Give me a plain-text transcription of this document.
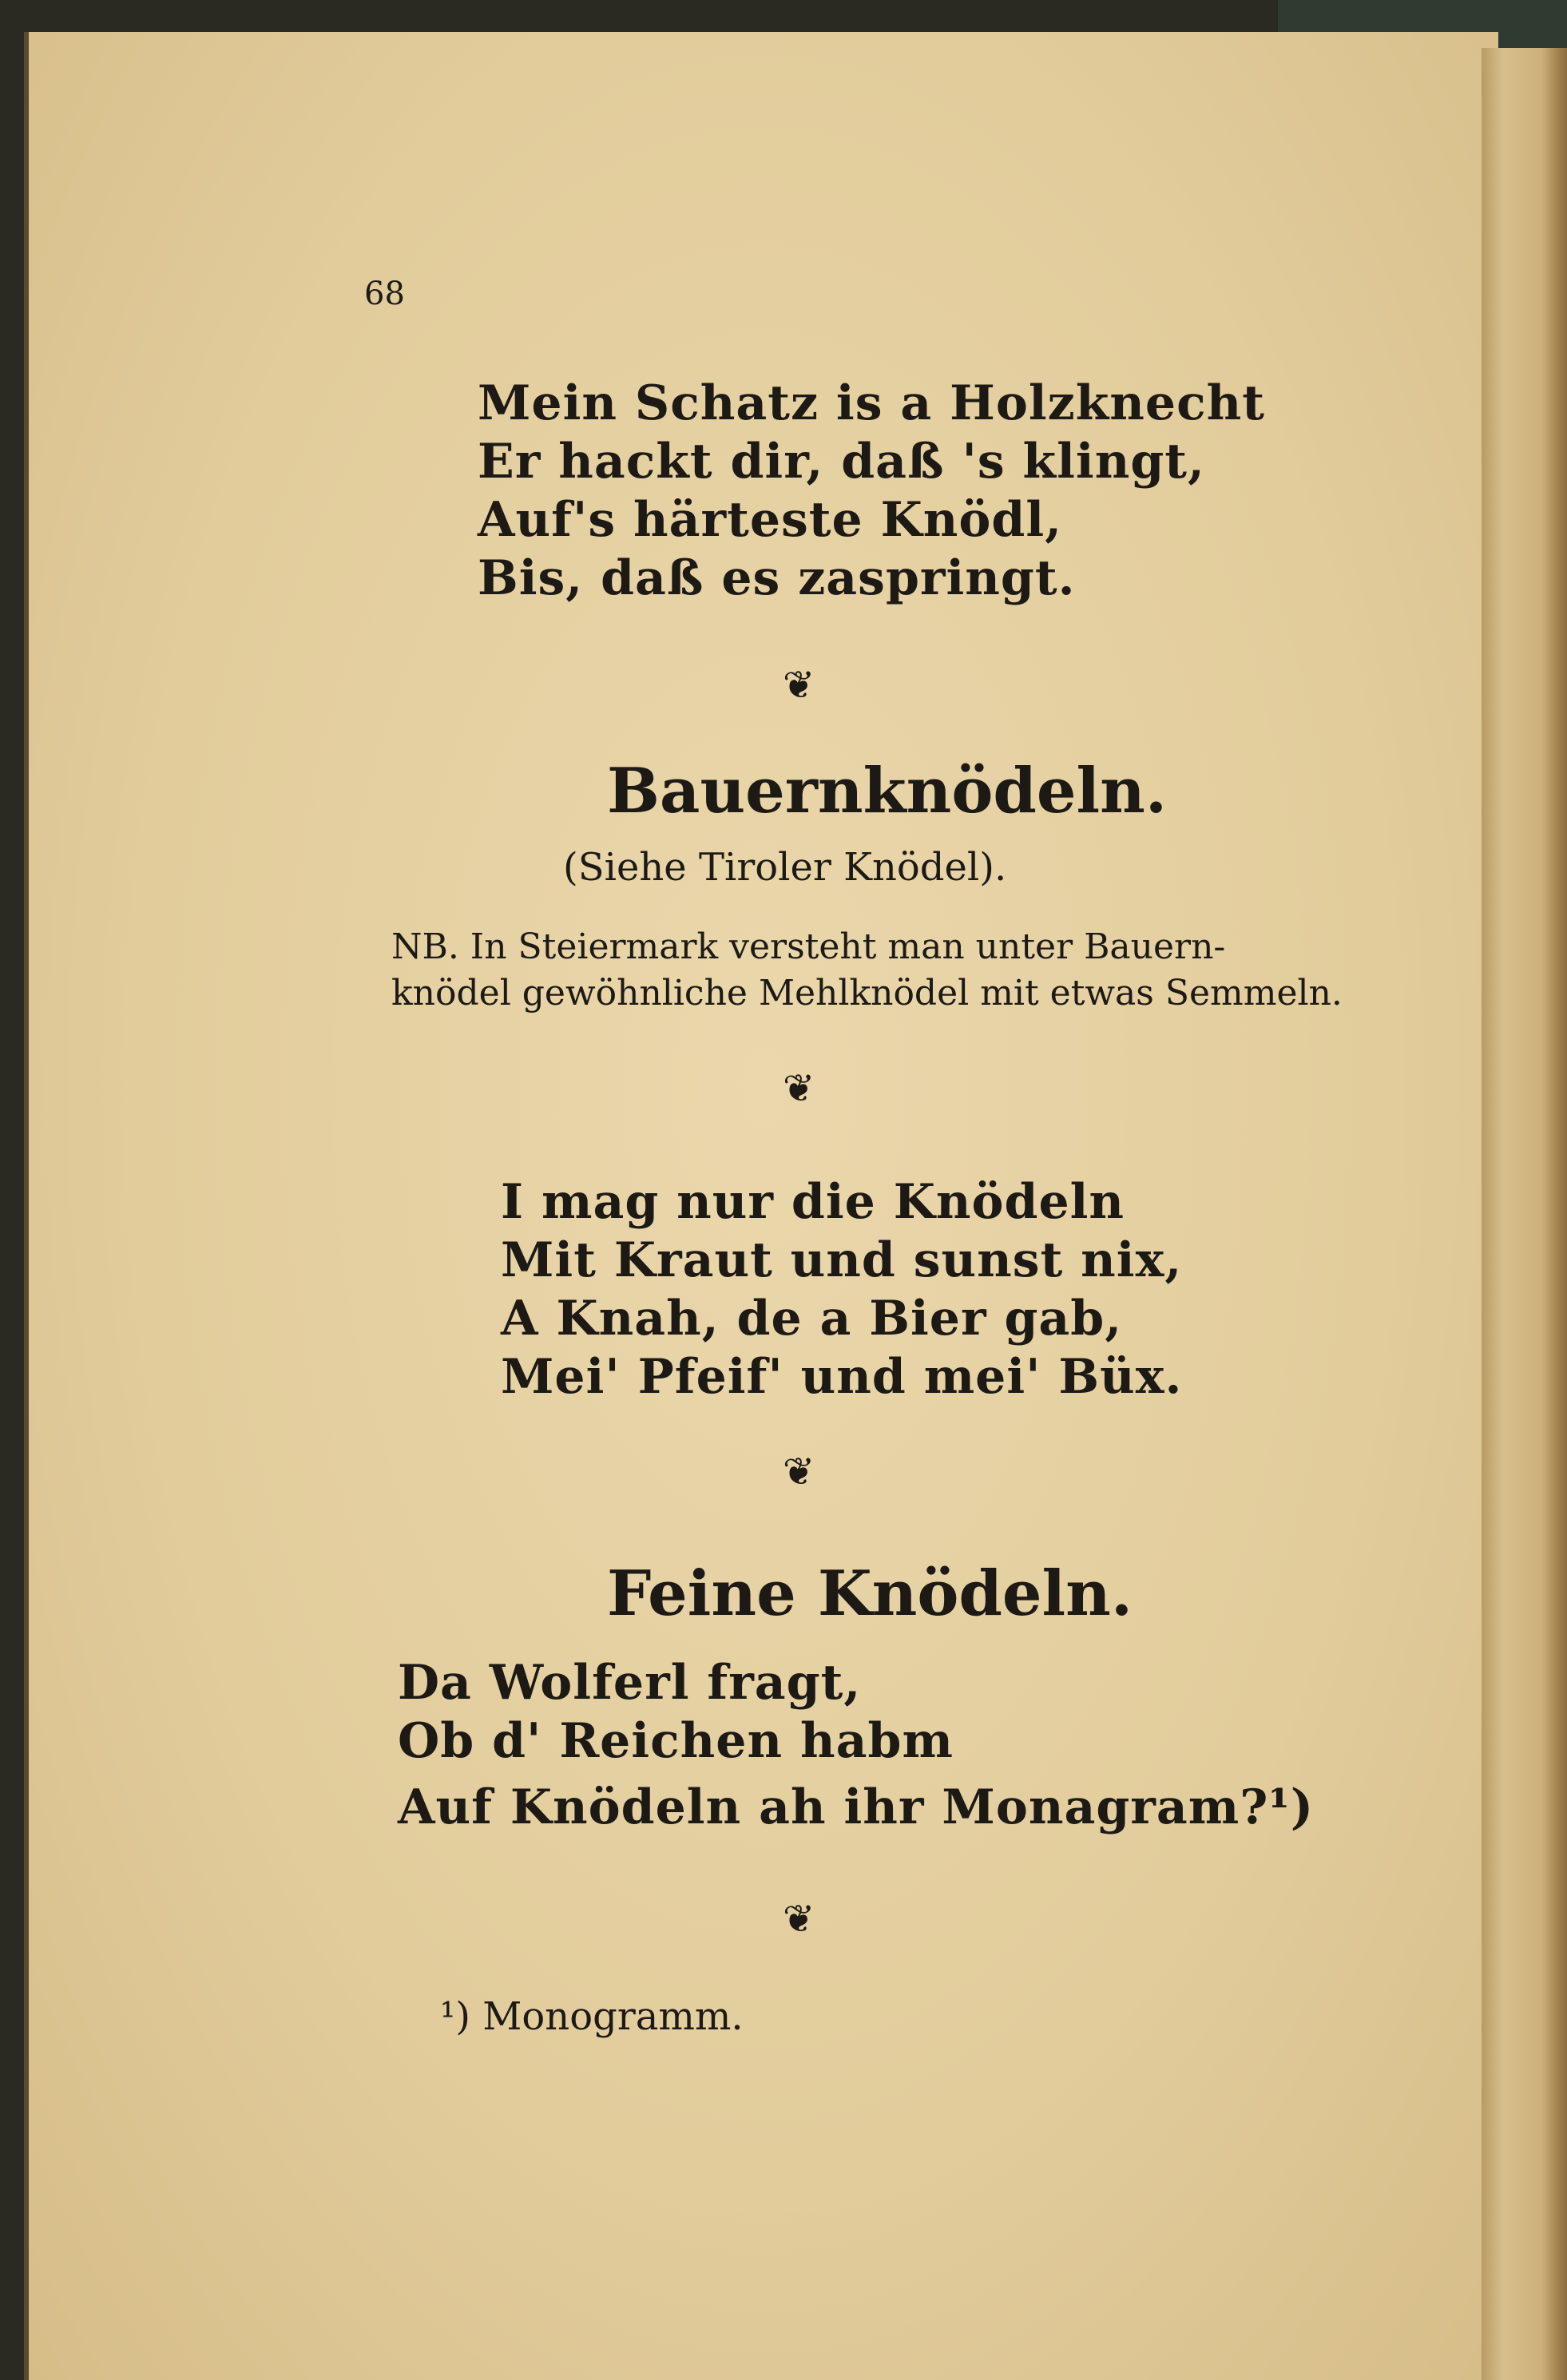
68
Mein Schatz is a Holzknecht
Er hackt dir, daß 's klingt,
Auf's härteste Knödl,
Bis, daß es zaspringt.
❦
Bauernknödeln.
(Siehe Tiroler Knödel).
NB. In Steiermark versteht man unter Bauern-
knödel gewöhnliche Mehlknödel mit etwas Semmeln.
❦
I mag nur die Knödeln
Mit Kraut und sunst nix,
A Knah, de a Bier gab,
Mei' Pfeif' und mei' Büx.
❦
Feine Knödeln.
Da Wolferl fragt,
Ob d' Reichen habm
Auf Knödeln ah ihr Monagram?¹)
❦
¹) Monogramm.
